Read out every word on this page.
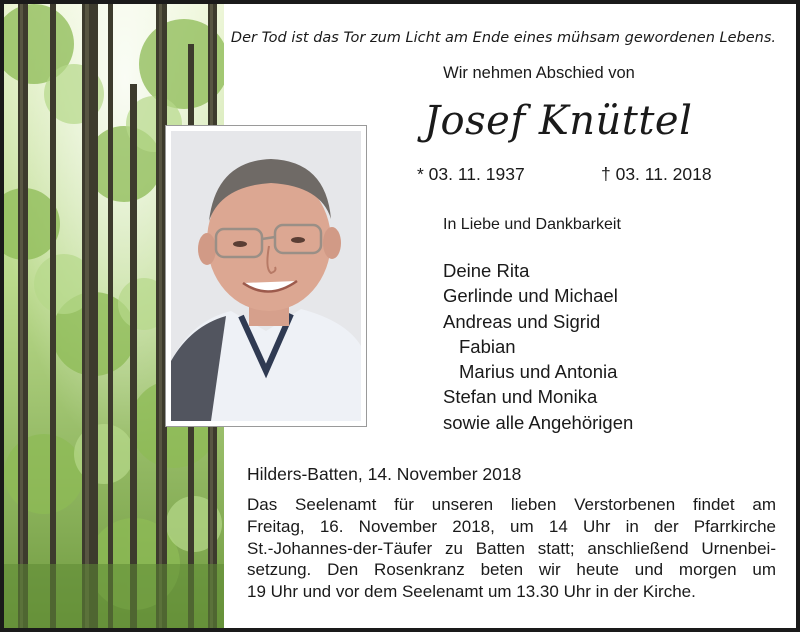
Der Tod ist das Tor zum Licht am Ende eines mühsam gewordenen Lebens.
Wir nehmen Abschied von
Josef Knüttel
* 03. 11. 1937	† 03. 11. 2018
In Liebe und Dankbarkeit
Deine Rita
Gerlinde und Michael
Andreas und Sigrid
Fabian
Marius und Antonia
Stefan und Monika
sowie alle Angehörigen
Hilders-Batten, 14. November 2018
Das Seelenamt für unseren lieben Verstorbenen findet am
Freitag, 16. November 2018, um 14 Uhr in der Pfarrkirche
St.-Johannes-der-Täufer zu Batten statt; anschließend Urnenbei-
setzung. Den Rosenkranz beten wir heute und morgen um
19 Uhr und vor dem Seelenamt um 13.30 Uhr in der Kirche.
